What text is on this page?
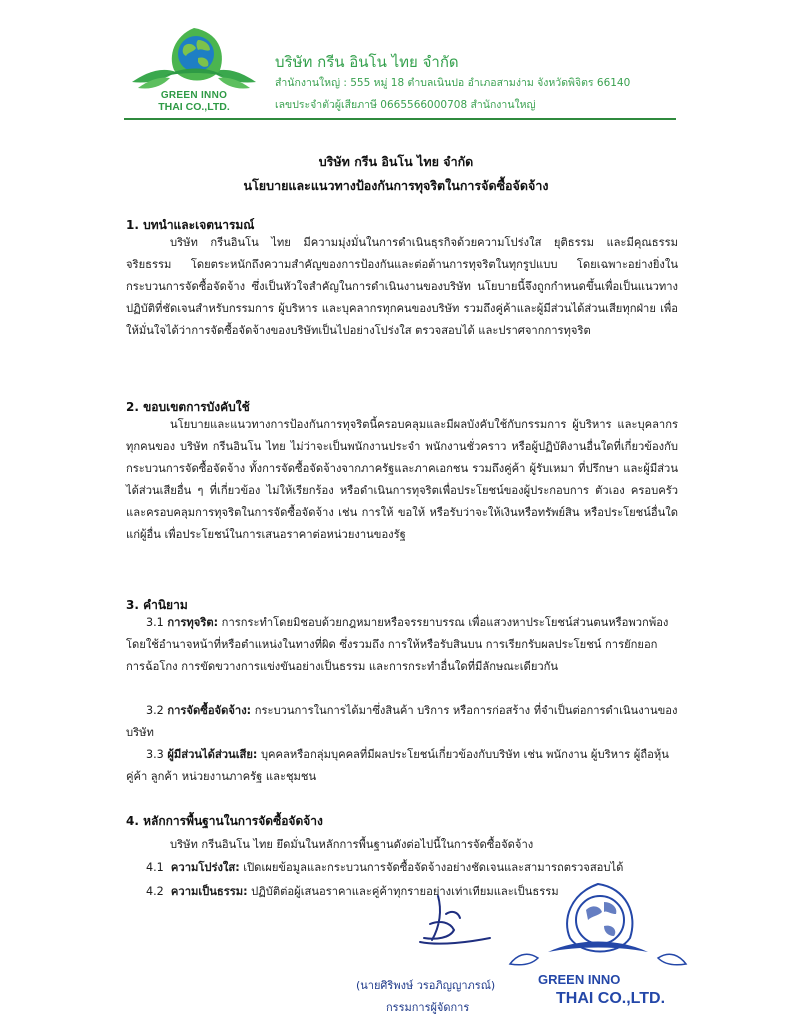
GREEN INNO
THAI CO.,LTD.
บริษัท กรีน อินโน ไทย จำกัด
สำนักงานใหญ่ : 555 หมู่ 18 ตำบลเนินปอ อำเภอสามง่าม จังหวัดพิจิตร 66140
เลขประจำตัวผู้เสียภาษี 0665566000708 สำนักงานใหญ่
บริษัท กรีน อินโน ไทย จำกัด
นโยบายและแนวทางป้องกันการทุจริตในการจัดซื้อจัดจ้าง
1. บทนำและเจตนารมณ์
บริษัท กรีนอินโน ไทย มีความมุ่งมั่นในการดำเนินธุรกิจด้วยความโปร่งใส ยุติธรรม และมีคุณธรรม จริยธรรม โดยตระหนักถึงความสำคัญของการป้องกันและต่อต้านการทุจริตในทุกรูปแบบ โดยเฉพาะอย่างยิ่งในกระบวนการจัดซื้อจัดจ้าง ซึ่งเป็นหัวใจสำคัญในการดำเนินงานของบริษัท นโยบายนี้จึงถูกกำหนดขึ้นเพื่อเป็นแนวทางปฏิบัติที่ชัดเจนสำหรับกรรมการ ผู้บริหาร และบุคลากรทุกคนของบริษัท รวมถึงคู่ค้าและผู้มีส่วนได้ส่วนเสียทุกฝ่าย เพื่อให้มั่นใจได้ว่าการจัดซื้อจัดจ้างของบริษัทเป็นไปอย่างโปร่งใส ตรวจสอบได้ และปราศจากการทุจริต
2. ขอบเขตการบังคับใช้
นโยบายและแนวทางการป้องกันการทุจริตนี้ครอบคลุมและมีผลบังคับใช้กับกรรมการ ผู้บริหาร และบุคลากรทุกคนของ บริษัท กรีนอินโน ไทย ไม่ว่าจะเป็นพนักงานประจำ พนักงานชั่วคราว หรือผู้ปฏิบัติงานอื่นใดที่เกี่ยวข้องกับกระบวนการจัดซื้อจัดจ้าง ทั้งการจัดซื้อจัดจ้างจากภาครัฐและภาคเอกชน รวมถึงคู่ค้า ผู้รับเหมา ที่ปรึกษา และผู้มีส่วนได้ส่วนเสียอื่น ๆ ที่เกี่ยวข้อง ไม่ให้เรียกร้อง หรือดำเนินการทุจริตเพื่อประโยชน์ของผู้ประกอบการ ตัวเอง ครอบครัว และครอบคลุมการทุจริตในการจัดซื้อจัดจ้าง เช่น การให้ ขอให้ หรือรับว่าจะให้เงินหรือทรัพย์สิน หรือประโยชน์อื่นใดแก่ผู้อื่น เพื่อประโยชน์ในการเสนอราคาต่อหน่วยงานของรัฐ
3. คำนิยาม
3.1 การทุจริต: การกระทำโดยมิชอบด้วยกฎหมายหรือจรรยาบรรณ เพื่อแสวงหาประโยชน์ส่วนตนหรือพวกพ้อง โดยใช้อำนาจหน้าที่หรือตำแหน่งในทางที่ผิด ซึ่งรวมถึง การให้หรือรับสินบน การเรียกรับผลประโยชน์ การยักยอก การฉ้อโกง การขัดขวางการแข่งขันอย่างเป็นธรรม และการกระทำอื่นใดที่มีลักษณะเดียวกัน
3.2 การจัดซื้อจัดจ้าง: กระบวนการในการได้มาซึ่งสินค้า บริการ หรือการก่อสร้าง ที่จำเป็นต่อการดำเนินงานของบริษัท
3.3 ผู้มีส่วนได้ส่วนเสีย: บุคคลหรือกลุ่มบุคคลที่มีผลประโยชน์เกี่ยวข้องกับบริษัท เช่น พนักงาน ผู้บริหาร ผู้ถือหุ้น คู่ค้า ลูกค้า หน่วยงานภาครัฐ และชุมชน
4. หลักการพื้นฐานในการจัดซื้อจัดจ้าง
บริษัท กรีนอินโน ไทย ยึดมั่นในหลักการพื้นฐานดังต่อไปนี้ในการจัดซื้อจัดจ้าง
4.1 ความโปร่งใส: เปิดเผยข้อมูลและกระบวนการจัดซื้อจัดจ้างอย่างชัดเจนและสามารถตรวจสอบได้
4.2 ความเป็นธรรม: ปฏิบัติต่อผู้เสนอราคาและคู่ค้าทุกรายอย่างเท่าเทียมและเป็นธรรม
(นายศิริพงษ์ วรอภิญญาภรณ์)
กรรมการผู้จัดการ
GREEN INNO
THAI CO.,LTD.
